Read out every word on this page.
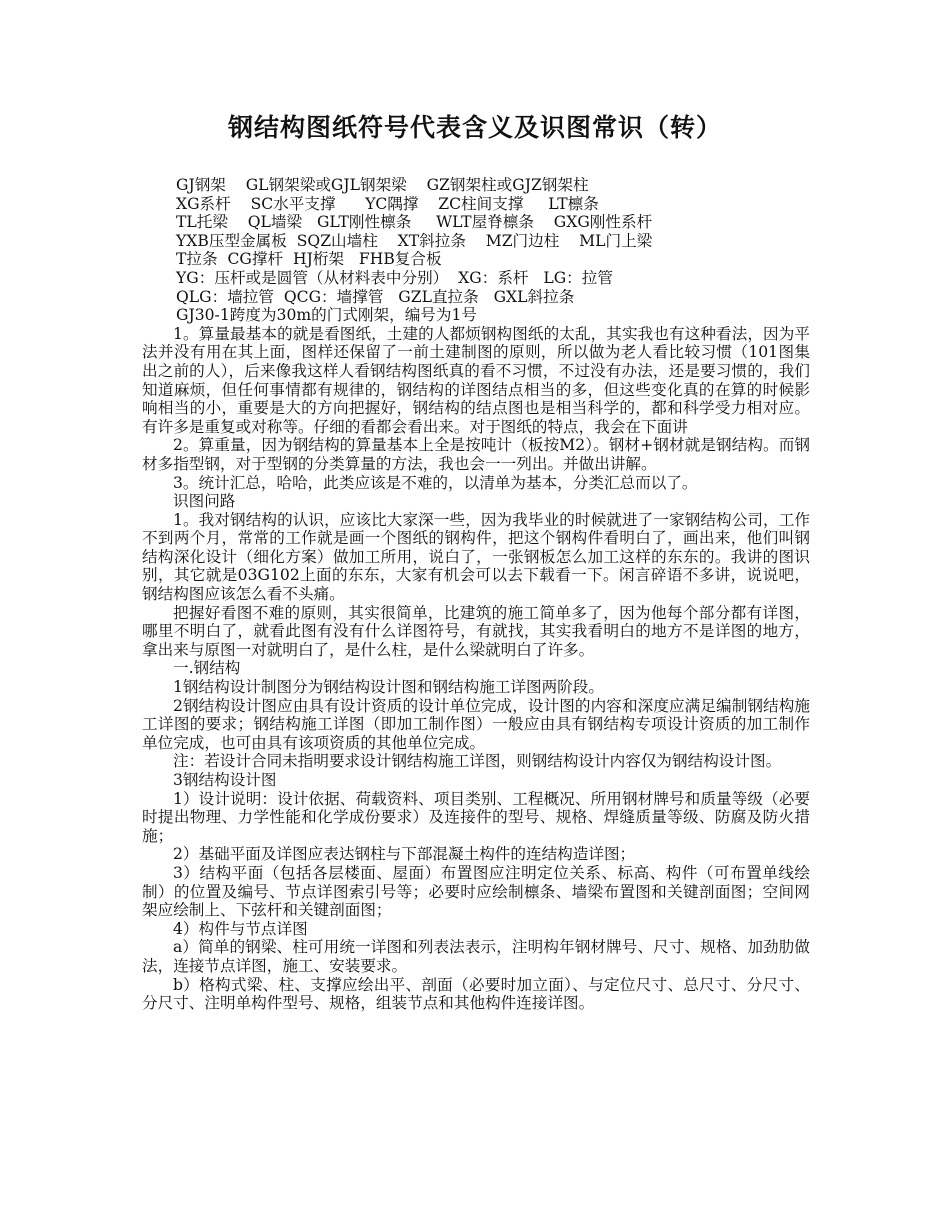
钢结构图纸符号代表含义及识图常识（转）
GJ钢架    GL钢架梁或GJL钢架梁    GZ钢架柱或GJZ钢架柱
XG系杆    SC水平支撑      YC隅撑    ZC柱间支撑     LT檩条
TL托梁    QL墙梁   GLT刚性檩条     WLT屋脊檩条    GXG刚性系杆
YXB压型金属板  SQZ山墙柱    XT斜拉条    MZ门边柱    ML门上梁
T拉条  CG撑杆  HJ桁架   FHB复合板
YG：压杆或是圆管（从材料表中分别）  XG：系杆   LG：拉管
QLG：墙拉管  QCG：墙撑管   GZL直拉条   GXL斜拉条
GJ30-1跨度为30m的门式刚架，编号为1号
1。算量最基本的就是看图纸，土建的人都烦钢构图纸的太乱，其实我也有这种看法，因为平法并没有用在其上面，图样还保留了一前土建制图的原则，所以做为老人看比较习惯（101图集出之前的人），后来像我这样人看钢结构图纸真的看不习惯，不过没有办法，还是要习惯的，我们知道麻烦，但任何事情都有规律的，钢结构的详图结点相当的多，但这些变化真的在算的时候影响相当的小，重要是大的方向把握好，钢结构的结点图也是相当科学的，都和科学受力相对应。有许多是重复或对称等。仔细的看都会看出来。对于图纸的特点，我会在下面讲
2。算重量，因为钢结构的算量基本上全是按吨计（板按M2）。钢材+钢材就是钢结构。而钢材多指型钢，对于型钢的分类算量的方法，我也会一一列出。并做出讲解。
3。统计汇总，哈哈，此类应该是不难的，以清单为基本，分类汇总而以了。
识图问路
1。我对钢结构的认识，应该比大家深一些，因为我毕业的时候就进了一家钢结构公司，工作不到两个月，常常的工作就是画一个图纸的钢构件，把这个钢构件看明白了，画出来，他们叫钢结构深化设计（细化方案）做加工所用，说白了，一张钢板怎么加工这样的东东的。我讲的图识别，其它就是03G102上面的东东，大家有机会可以去下载看一下。闲言碎语不多讲，说说吧，钢结构图应该怎么看不头痛。
把握好看图不难的原则，其实很简单，比建筑的施工简单多了，因为他每个部分都有详图，哪里不明白了，就看此图有没有什么详图符号，有就找，其实我看明白的地方不是详图的地方，拿出来与原图一对就明白了，是什么柱，是什么梁就明白了许多。
一.钢结构
1钢结构设计制图分为钢结构设计图和钢结构施工详图两阶段。
2钢结构设计图应由具有设计资质的设计单位完成，设计图的内容和深度应满足编制钢结构施工详图的要求；钢结构施工详图（即加工制作图）一般应由具有钢结构专项设计资质的加工制作单位完成，也可由具有该项资质的其他单位完成。
注：若设计合同未指明要求设计钢结构施工详图，则钢结构设计内容仅为钢结构设计图。
3钢结构设计图
1）设计说明：设计依据、荷载资料、项目类别、工程概况、所用钢材牌号和质量等级（必要时提出物理、力学性能和化学成份要求）及连接件的型号、规格、焊缝质量等级、防腐及防火措施；
2）基础平面及详图应表达钢柱与下部混凝土构件的连结构造详图；
3）结构平面（包括各层楼面、屋面）布置图应注明定位关系、标高、构件（可布置单线绘制）的位置及编号、节点详图索引号等；必要时应绘制檩条、墙梁布置图和关键剖面图；空间网架应绘制上、下弦杆和关键剖面图；
4）构件与节点详图
a）简单的钢梁、柱可用统一详图和列表法表示，注明构年钢材牌号、尺寸、规格、加劲肋做法，连接节点详图，施工、安装要求。
b）格构式梁、柱、支撑应绘出平、剖面（必要时加立面）、与定位尺寸、总尺寸、分尺寸、分尺寸、注明单构件型号、规格，组装节点和其他构件连接详图。
